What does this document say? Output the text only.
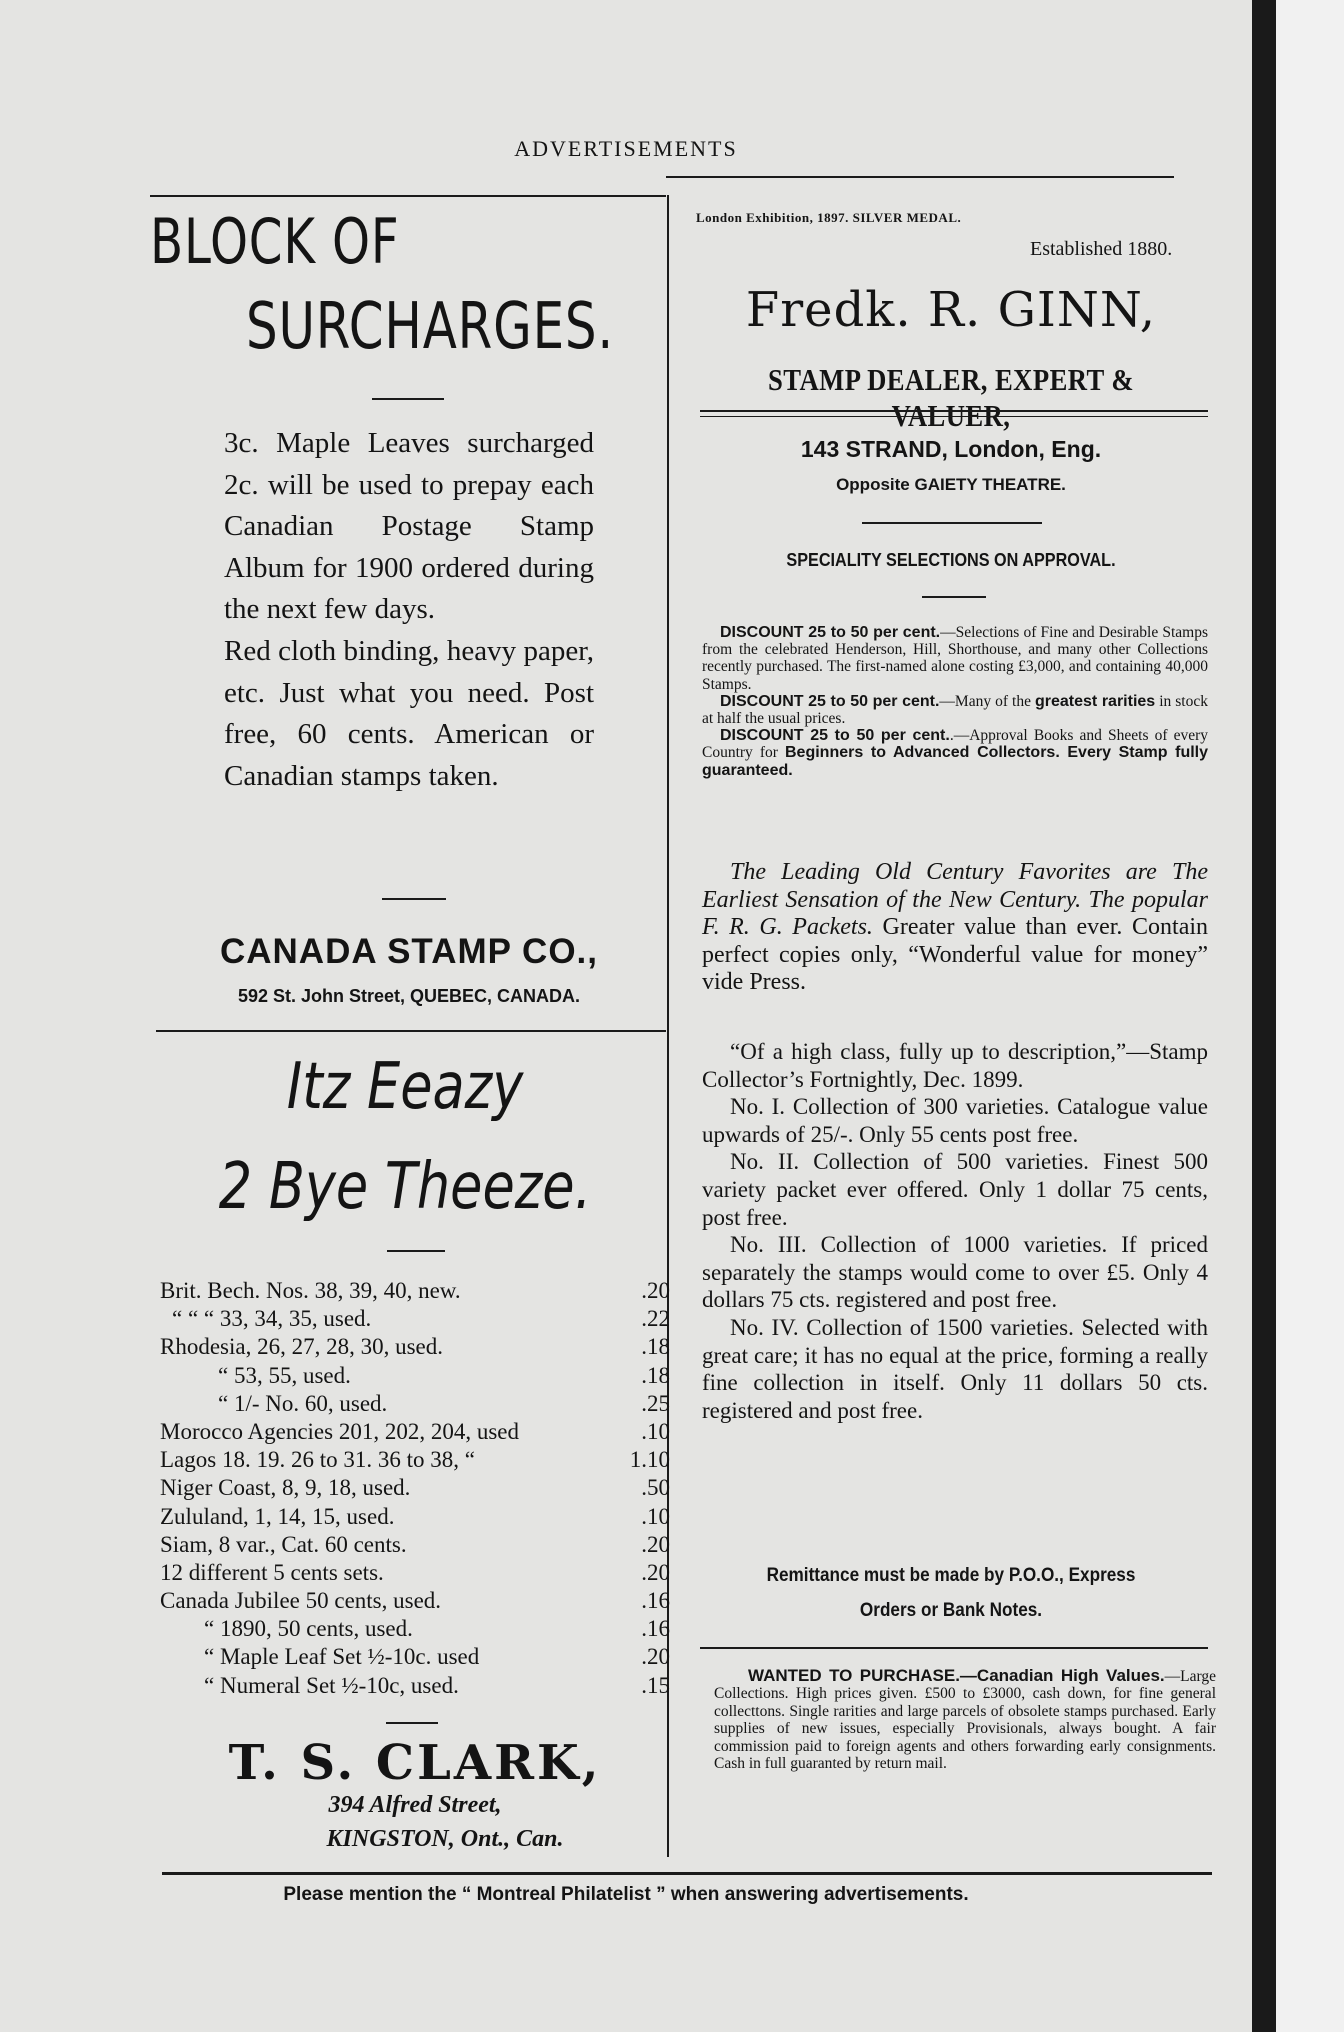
ADVERTISEMENTS
BLOCK OF
SURCHARGES.

3c. Maple Leaves surcharged 2c. will be used to prepay each Canadian Postage Stamp Album for 1900 ordered during the next few days.

Red cloth binding, heavy paper, etc. Just what you need. Post free, 60 cents. American or Canadian stamps taken.

CANADA STAMP CO.,
592 St. John Street, QUEBEC, CANADA.
Itz Eeazy
2 Bye Theeze.
Brit. Bech. Nos. 38, 39, 40, new.	.20
“ “ “ 33, 34, 35, used.	.22
Rhodesia, 26, 27, 28, 30, used.	.18
“ 53, 55, used.	.18
“ 1/- No. 60, used.	.25
Morocco Agencies 201, 202, 204, used	.10
Lagos 18. 19. 26 to 31. 36 to 38, “	1.10
Niger Coast, 8, 9, 18, used.	.50
Zululand, 1, 14, 15, used.	.10
Siam, 8 var., Cat. 60 cents.	.20
12 different 5 cents sets.	.20
Canada Jubilee 50 cents, used.	.16
“ 1890, 50 cents, used.	.16
“ Maple Leaf Set ½-10c. used	.20
“ Numeral Set ½-10c, used.	.15
T. S. CLARK,
394 Alfred Street,
KINGSTON, Ont., Can.
London Exhibition, 1897. SILVER MEDAL.
Established 1880.
Fredk. R. GINN,
STAMP DEALER, EXPERT &
143 STRAND, London, Eng.
Opposite GAIETY THEATRE.
SPECIALITY SELECTIONS ON APPROVAL.

DISCOUNT 25 to 50 per cent.—Selections of Fine and Desirable Stamps from the celebrated Henderson, Hill, Shorthouse, and many other Collections recently purchased. The first-named alone costing £3,000, and containing 40,000 Stamps.

DISCOUNT 25 to 50 per cent.—Many of the greatest rarities in stock at half the usual prices.

DISCOUNT 25 to 50 per cent..—Approval Books and Sheets of every Country for Beginners to Advanced Collectors. Every Stamp fully guaranteed.

The Leading Old Century Favorites are The Earliest Sensation of the New Century. The popular F. R. G. Packets. Greater value than ever. Contain perfect copies only, “Wonderful value for money” vide Press.

“Of a high class, fully up to description,”—Stamp Collector’s Fortnightly, Dec. 1899.

No. I. Collection of 300 varieties. Catalogue value upwards of 25/-. Only 55 cents post free.

No. II. Collection of 500 varieties. Finest 500 variety packet ever offered. Only 1 dollar 75 cents, post free.

No. III. Collection of 1000 varieties. If priced separately the stamps would come to over £5. Only 4 dollars 75 cts. registered and post free.

No. IV. Collection of 1500 varieties. Selected with great care; it has no equal at the price, forming a really fine collection in itself. Only 11 dollars 50 cts. registered and post free.

Remittance must be made by P.O.O., Express
Orders or Bank Notes.

WANTED TO PURCHASE.—Canadian High Values.—Large Collections. High prices given. £500 to £3000, cash down, for fine general collecttons. Single rarities and large parcels of obsolete stamps purchased. Early supplies of new issues, especially Provisionals, always bought. A fair commission paid to foreign agents and others forwarding early consignments. Cash in full guaranted by return mail.

Please mention the “ Montreal Philatelist ” when answering advertisements.
